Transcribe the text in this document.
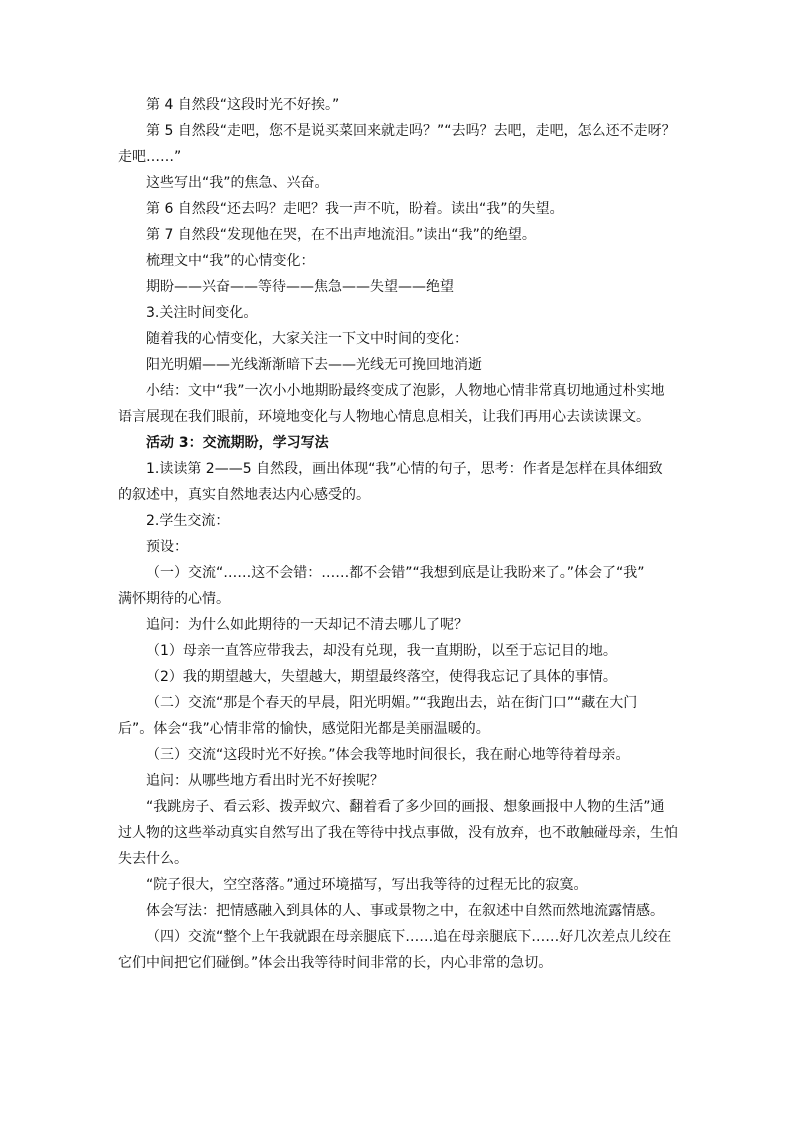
第 4 自然段“这段时光不好挨。”
第 5 自然段“走吧，您不是说买菜回来就走吗？”“去吗？去吧，走吧，怎么还不走呀？
走吧……”
这些写出“我”的焦急、兴奋。
第 6 自然段“还去吗？走吧？我一声不吭，盼着。读出“我”的失望。
第 7 自然段“发现他在哭，在不出声地流泪。”读出“我”的绝望。
梳理文中“我”的心情变化：
期盼——兴奋——等待——焦急——失望——绝望
3.关注时间变化。
随着我的心情变化，大家关注一下文中时间的变化：
阳光明媚——光线渐渐暗下去——光线无可挽回地消逝
小结：文中“我”一次小小地期盼最终变成了泡影，人物地心情非常真切地通过朴实地
语言展现在我们眼前，环境地变化与人物地心情息息相关，让我们再用心去读读课文。
活动 3：交流期盼，学习写法
1.读读第 2——5 自然段，画出体现“我”心情的句子，思考：作者是怎样在具体细致
的叙述中，真实自然地表达内心感受的。
2.学生交流：
预设：
（一）交流“……这不会错：……都不会错”“我想到底是让我盼来了。”体会了“我”
满怀期待的心情。
追问：为什么如此期待的一天却记不清去哪儿了呢？
（1）母亲一直答应带我去，却没有兑现，我一直期盼，以至于忘记目的地。
（2）我的期望越大，失望越大，期望最终落空，使得我忘记了具体的事情。
（二）交流“那是个春天的早晨，阳光明媚。”“我跑出去，站在街门口”“藏在大门
后”。体会“我”心情非常的愉快，感觉阳光都是美丽温暖的。
（三）交流“这段时光不好挨。”体会我等地时间很长，我在耐心地等待着母亲。
追问：从哪些地方看出时光不好挨呢？
“我跳房子、看云彩、拨弄蚁穴、翻着看了多少回的画报、想象画报中人物的生活”通
过人物的这些举动真实自然写出了我在等待中找点事做，没有放弃，也不敢触碰母亲，生怕
失去什么。
“院子很大，空空落落。”通过环境描写，写出我等待的过程无比的寂寞。
体会写法：把情感融入到具体的人、事或景物之中，在叙述中自然而然地流露情感。
（四）交流“整个上午我就跟在母亲腿底下……追在母亲腿底下……好几次差点儿绞在
它们中间把它们碰倒。”体会出我等待时间非常的长，内心非常的急切。
